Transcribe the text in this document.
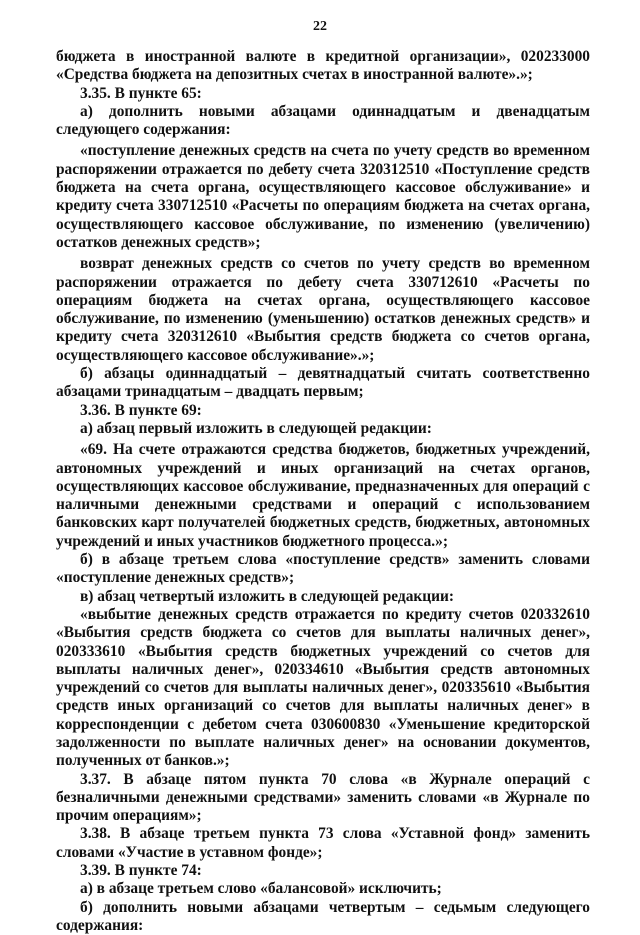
22

бюджета в иностранной валюте в кредитной организации», 020233000 «Средства бюджета на депозитных счетах в иностранной валюте».»;

3.35. В пункте 65:

а) дополнить новыми абзацами одиннадцатым и двенадцатым следующего содержания:

«поступление денежных средств на счета по учету средств во временном распоряжении отражается по дебету счета 320312510 «Поступление средств бюджета на счета органа, осуществляющего кассовое обслуживание» и кредиту счета 330712510 «Расчеты по операциям бюджета на счетах органа, осуществляющего кассовое обслуживание, по изменению (увеличению) остатков денежных средств»;

возврат денежных средств со счетов по учету средств во временном распоряжении отражается по дебету счета 330712610 «Расчеты по операциям бюджета на счетах органа, осуществляющего кассовое обслуживание, по изменению (уменьшению) остатков денежных средств» и кредиту счета 320312610 «Выбытия средств бюджета со счетов органа, осуществляющего кассовое обслуживание».»;

б) абзацы одиннадцатый – девятнадцатый считать соответственно абзацами тринадцатым – двадцать первым;

3.36. В пункте 69:

а) абзац первый изложить в следующей редакции:

«69. На счете отражаются средства бюджетов, бюджетных учреждений, автономных учреждений и иных организаций на счетах органов, осуществляющих кассовое обслуживание, предназначенных для операций с наличными денежными средствами и операций с использованием банковских карт получателей бюджетных средств, бюджетных, автономных учреждений и иных участников бюджетного процесса.»;

б) в абзаце третьем слова «поступление средств» заменить словами «поступление денежных средств»;

в) абзац четвертый изложить в следующей редакции:

«выбытие денежных средств отражается по кредиту счетов 020332610 «Выбытия средств бюджета со счетов для выплаты наличных денег», 020333610 «Выбытия средств бюджетных учреждений со счетов для выплаты наличных денег», 020334610 «Выбытия средств автономных учреждений со счетов для выплаты наличных денег», 020335610 «Выбытия средств иных организаций со счетов для выплаты наличных денег» в корреспонденции с дебетом счета 030600830 «Уменьшение кредиторской задолженности по выплате наличных денег» на основании документов, полученных от банков.»;

3.37. В абзаце пятом пункта 70 слова «в Журнале операций с безналичными денежными средствами» заменить словами «в Журнале по прочим операциям»;

3.38. В абзаце третьем пункта 73 слова «Уставной фонд» заменить словами «Участие в уставном фонде»;

3.39. В пункте 74:

а) в абзаце третьем слово «балансовой» исключить;

б) дополнить новыми абзацами четвертым – седьмым следующего содержания:
